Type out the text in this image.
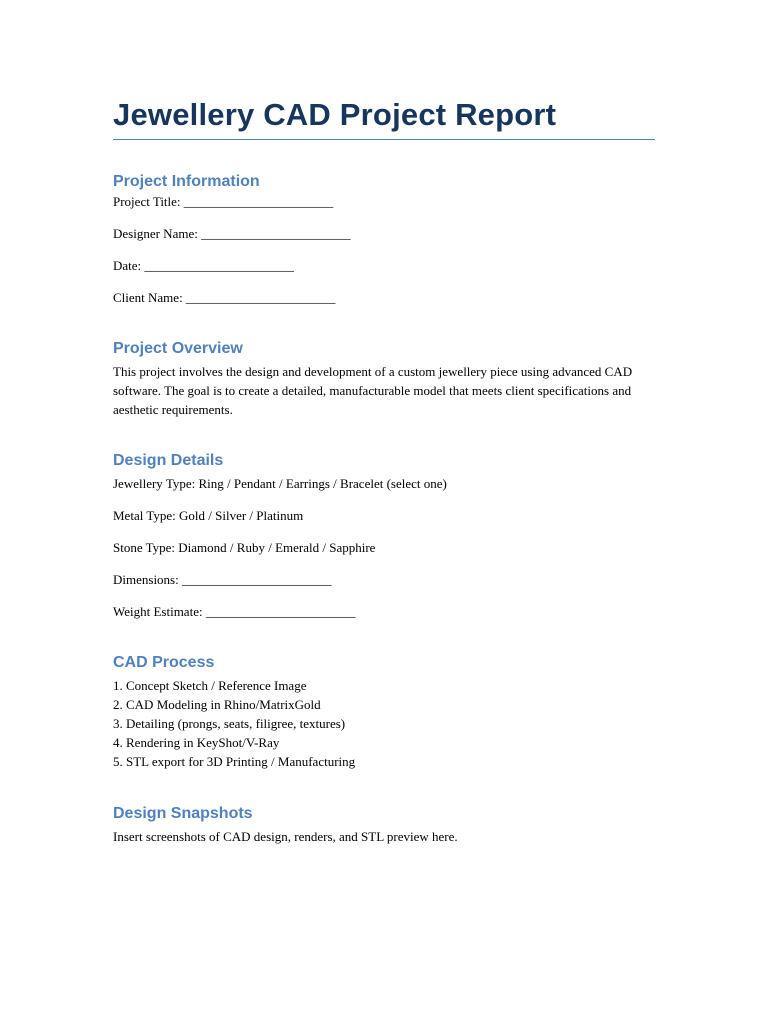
Jewellery CAD Project Report
Project Information

Project Title: _______________________

Designer Name: _______________________

Date: _______________________

Client Name: _______________________

Project Overview

This project involves the design and development of a custom jewellery piece using advanced CAD software. The goal is to create a detailed, manufacturable model that meets client specifications and aesthetic requirements.

Design Details

Jewellery Type: Ring / Pendant / Earrings / Bracelet (select one)

Metal Type: Gold / Silver / Platinum

Stone Type: Diamond / Ruby / Emerald / Sapphire

Dimensions: _______________________

Weight Estimate: _______________________

CAD Process

1. Concept Sketch / Reference Image

2. CAD Modeling in Rhino/MatrixGold

3. Detailing (prongs, seats, filigree, textures)

4. Rendering in KeyShot/V-Ray

5. STL export for 3D Printing / Manufacturing

Design Snapshots

Insert screenshots of CAD design, renders, and STL preview here.
